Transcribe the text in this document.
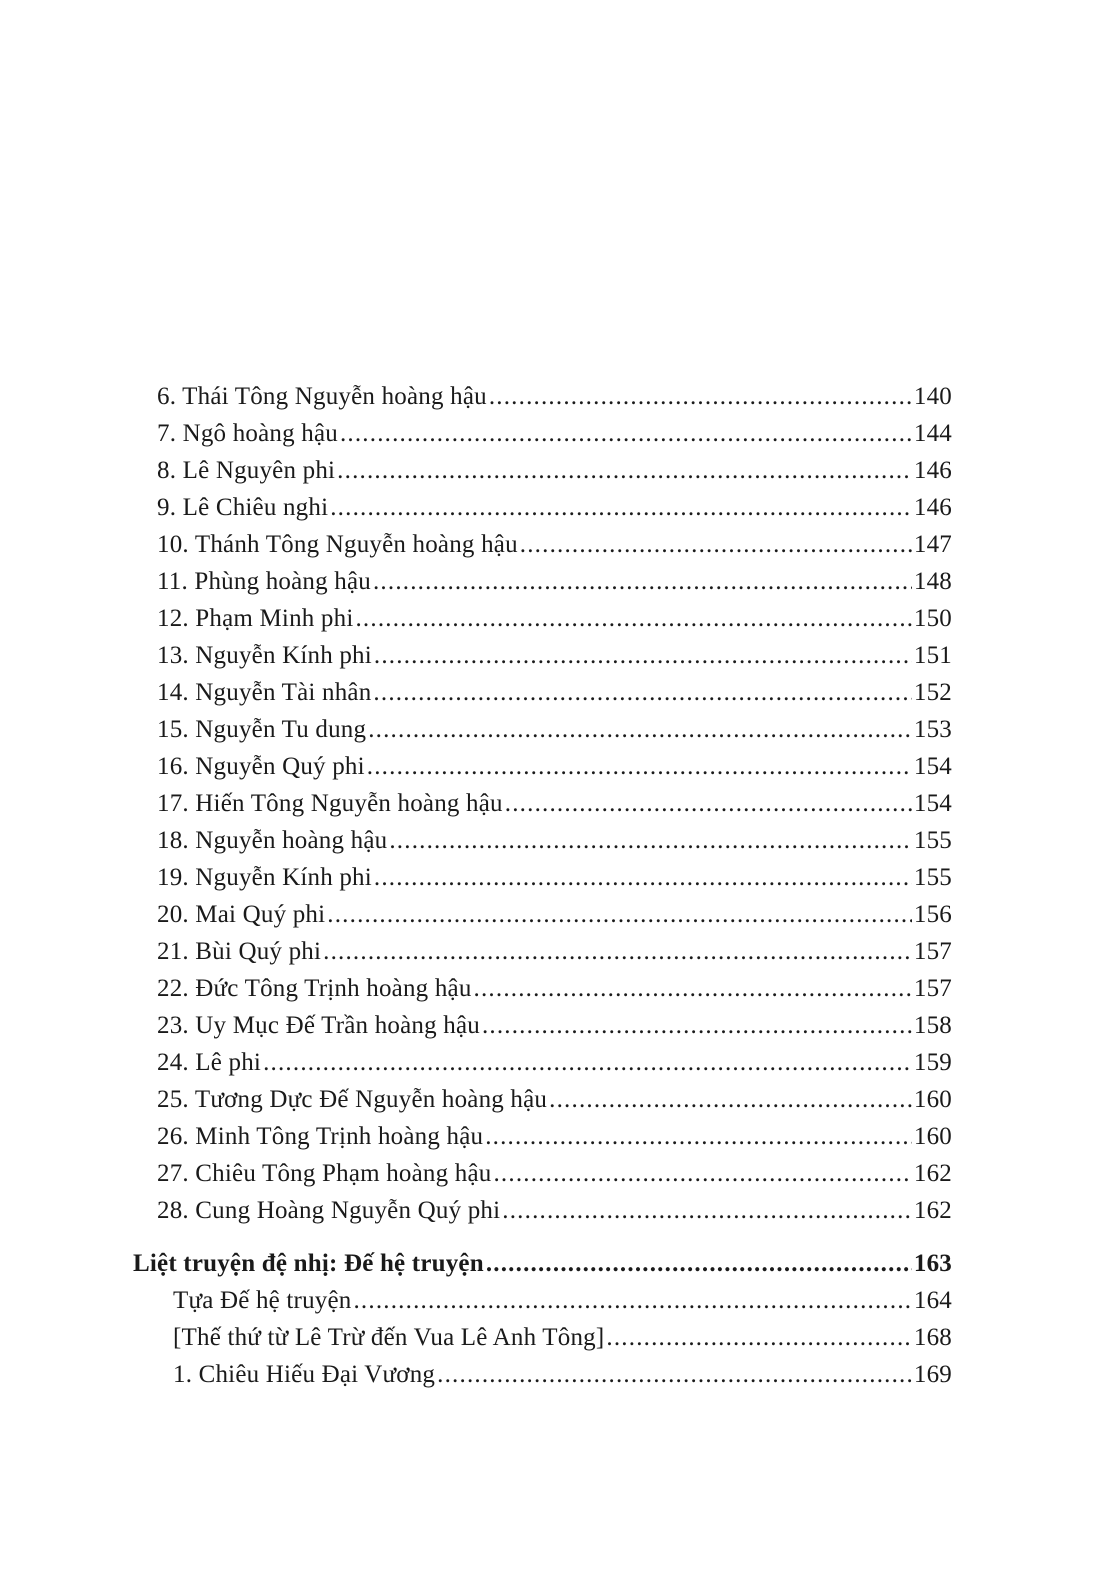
6. Thái Tông Nguyễn hoàng hậu .....	140
7. Ngô hoàng hậu .....	144
8. Lê Nguyên phi .....	146
9. Lê Chiêu nghi .....	146
10. Thánh Tông Nguyễn hoàng hậu .....	147
11. Phùng hoàng hậu .....	148
12. Phạm Minh phi .....	150
13. Nguyễn Kính phi .....	151
14. Nguyễn Tài nhân .....	152
15. Nguyễn Tu dung .....	153
16. Nguyễn Quý phi .....	154
17. Hiến Tông Nguyễn hoàng hậu .....	154
18. Nguyễn hoàng hậu .....	155
19. Nguyễn Kính phi .....	155
20. Mai Quý phi .....	156
21. Bùi Quý phi .....	157
22. Đức Tông Trịnh hoàng hậu .....	157
23. Uy Mục Đế Trần hoàng hậu .....	158
24. Lê phi .....	159
25. Tương Dực Đế Nguyễn hoàng hậu .....	160
26. Minh Tông Trịnh hoàng hậu .....	160
27. Chiêu Tông Phạm hoàng hậu .....	162
28. Cung Hoàng Nguyễn Quý phi .....	162
Liệt truyện đệ nhị: Đế hệ truyện .....	163
Tựa Đế hệ truyện .....	164
[Thế thứ từ Lê Trừ đến Vua Lê Anh Tông] .....	168
1. Chiêu Hiếu Đại Vương .....	169
